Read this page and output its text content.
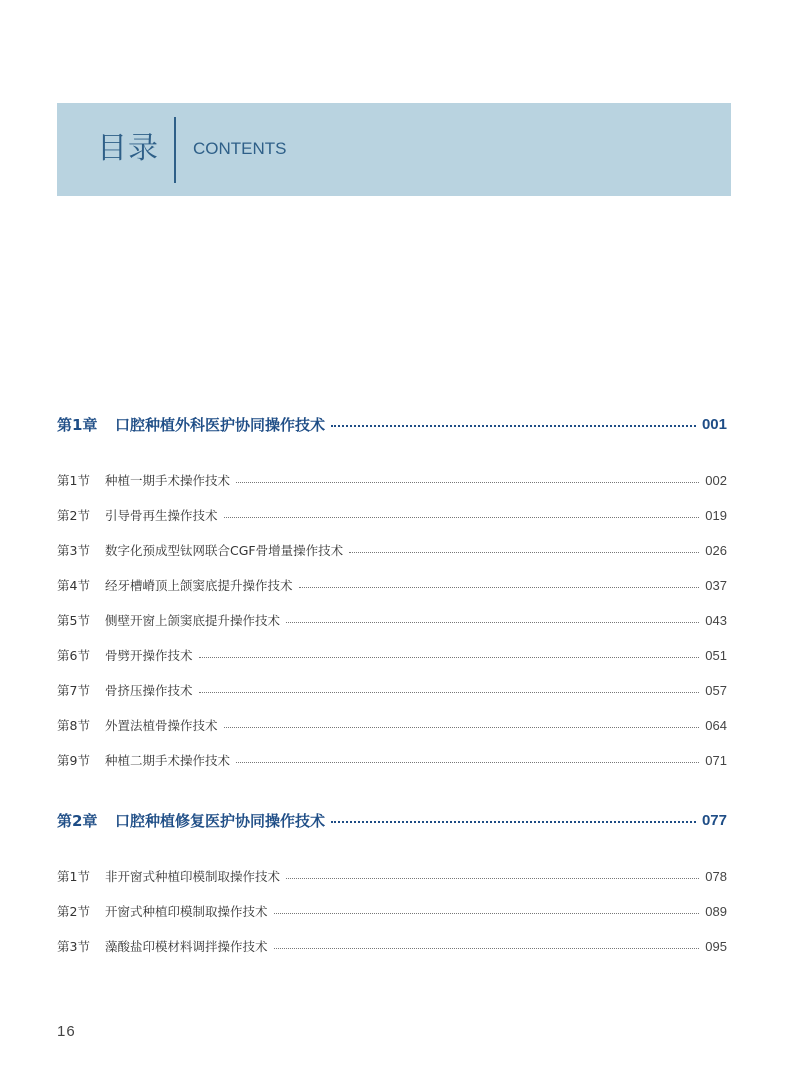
目录 CONTENTS
第1章	口腔种植外科医护协同操作技术	001
第1节	种植一期手术操作技术	002
第2节	引导骨再生操作技术	019
第3节	数字化预成型钛网联合CGF骨增量操作技术	026
第4节	经牙槽嵴顶上颌窦底提升操作技术	037
第5节	侧壁开窗上颌窦底提升操作技术	043
第6节	骨劈开操作技术	051
第7节	骨挤压操作技术	057
第8节	外置法植骨操作技术	064
第9节	种植二期手术操作技术	071
第2章	口腔种植修复医护协同操作技术	077
第1节	非开窗式种植印模制取操作技术	078
第2节	开窗式种植印模制取操作技术	089
第3节	藻酸盐印模材料调拌操作技术	095
16
